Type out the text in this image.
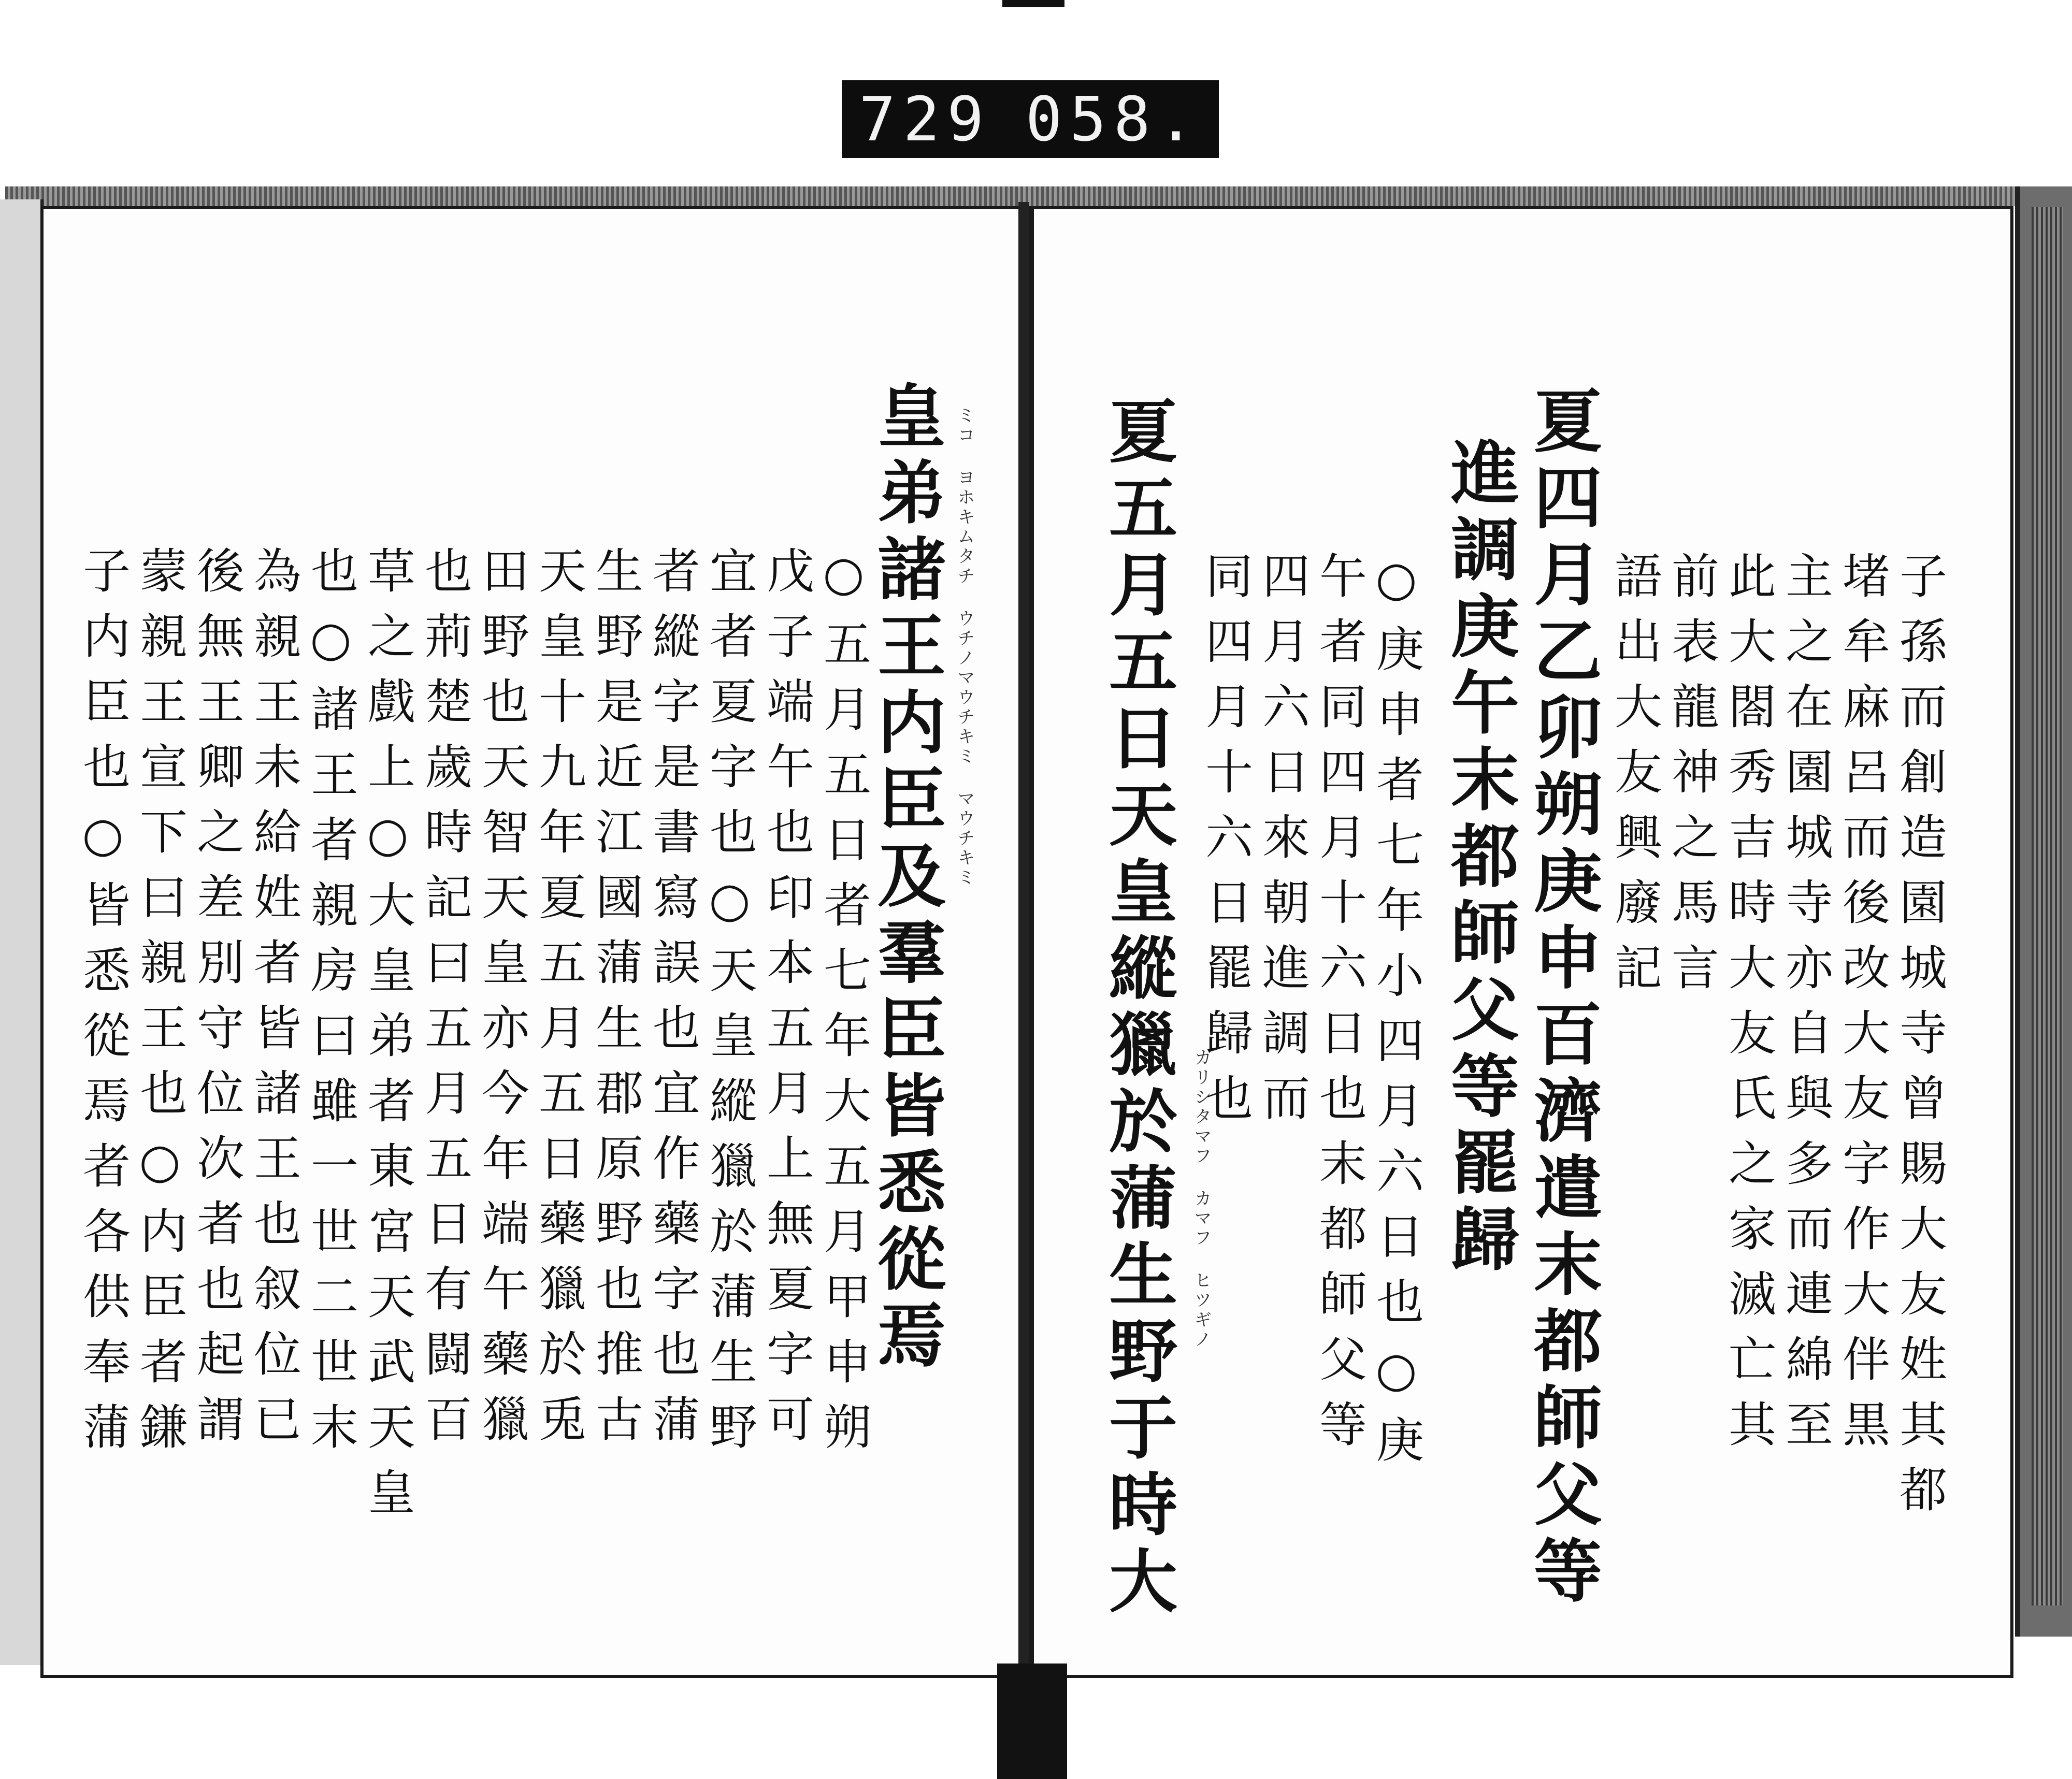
729 058.
皇弟諸王内臣及羣臣皆悉從焉 ミコ ヨホキムタチ ウチノマウチキミ マウチキミ
○五月五日者七年大五月甲申朔
戊子端午也印本五月上無夏字可
宜者夏字也○天皇縱獵於蒲生野
者縱字是書寫誤也宜作藥字也蒲
生野是近江國蒲生郡原野也推古
天皇十九年夏五月五日藥獵於兎
田野也天智天皇亦今年端午藥獵
也荊楚歲時記曰五月五日有闘百
草之戲上○大皇弟者東宮天武天皇
也○諸王者親房曰雖一世二世末
為親王未給姓者皆諸王也叙位已
後無王卿之差別守位次者也起謂
蒙親王宣下曰親王也○内臣者鎌
子内臣也○皆悉從焉者各供奉蒲	子孫而創造園城寺曾賜大友姓其都
堵牟麻呂而後改大友字作大伴黒
主之在園城寺亦自與多而連綿至
此大閤秀吉時大友氏之家滅亡其
前表龍神之馬言
語出大友興廢記
夏四月乙卯朔庚申百濟遣末都師父等
進調庚午末都師父等罷歸
○庚申者七年小四月六日也○庚
午者同四月十六日也末都師父等
四月六日來朝進調而
同四月十六日罷歸也
夏五月五日天皇縱獵於蒲生野于時大 カリシタマフ カマフ ヒツギノ
